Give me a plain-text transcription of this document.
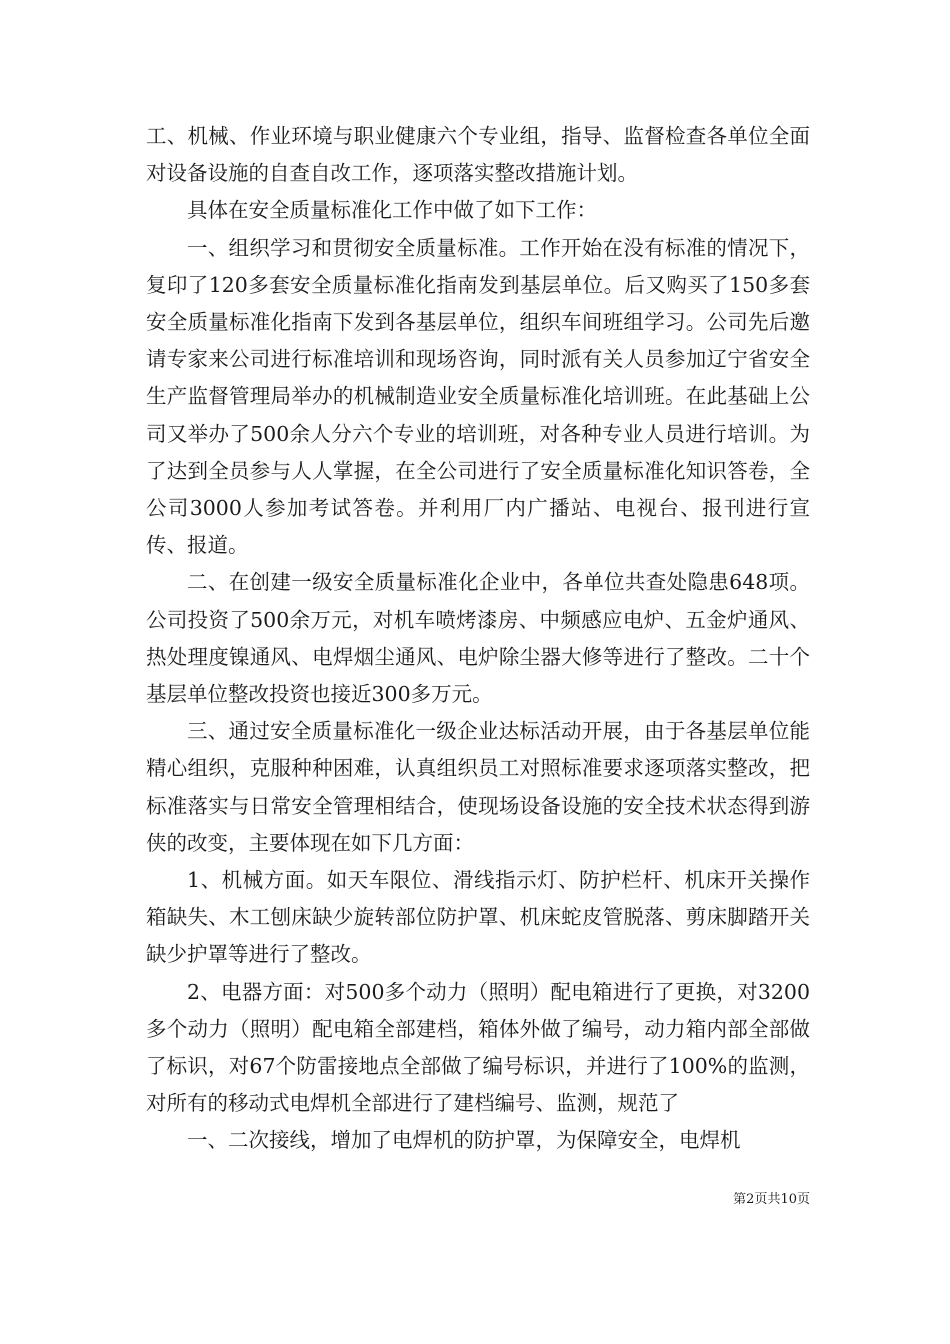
工、机械、作业环境与职业健康六个专业组，指导、监督检查各单位全面对设备设施的自查自改工作，逐项落实整改措施计划。

具体在安全质量标准化工作中做了如下工作：

一、组织学习和贯彻安全质量标准。工作开始在没有标准的情况下，复印了120多套安全质量标准化指南发到基层单位。后又购买了150多套安全质量标准化指南下发到各基层单位，组织车间班组学习。公司先后邀请专家来公司进行标准培训和现场咨询，同时派有关人员参加辽宁省安全生产监督管理局举办的机械制造业安全质量标准化培训班。在此基础上公司又举办了500余人分六个专业的培训班，对各种专业人员进行培训。为了达到全员参与人人掌握，在全公司进行了安全质量标准化知识答卷，全公司3000人参加考试答卷。并利用厂内广播站、电视台、报刊进行宣传、报道。

二、在创建一级安全质量标准化企业中，各单位共查处隐患648项。公司投资了500余万元，对机车喷烤漆房、中频感应电炉、五金炉通风、热处理度镍通风、电焊烟尘通风、电炉除尘器大修等进行了整改。二十个基层单位整改投资也接近300多万元。

三、通过安全质量标准化一级企业达标活动开展，由于各基层单位能精心组织，克服种种困难，认真组织员工对照标准要求逐项落实整改，把标准落实与日常安全管理相结合，使现场设备设施的安全技术状态得到游侠的改变，主要体现在如下几方面：

1、机械方面。如天车限位、滑线指示灯、防护栏杆、机床开关操作箱缺失、木工刨床缺少旋转部位防护罩、机床蛇皮管脱落、剪床脚踏开关缺少护罩等进行了整改。

2、电器方面：对500多个动力（照明）配电箱进行了更换，对3200多个动力（照明）配电箱全部建档，箱体外做了编号，动力箱内部全部做了标识，对67个防雷接地点全部做了编号标识，并进行了100%的监测，对所有的移动式电焊机全部进行了建档编号、监测，规范了

一、二次接线，增加了电焊机的防护罩，为保障安全，电焊机

第2页共10页
